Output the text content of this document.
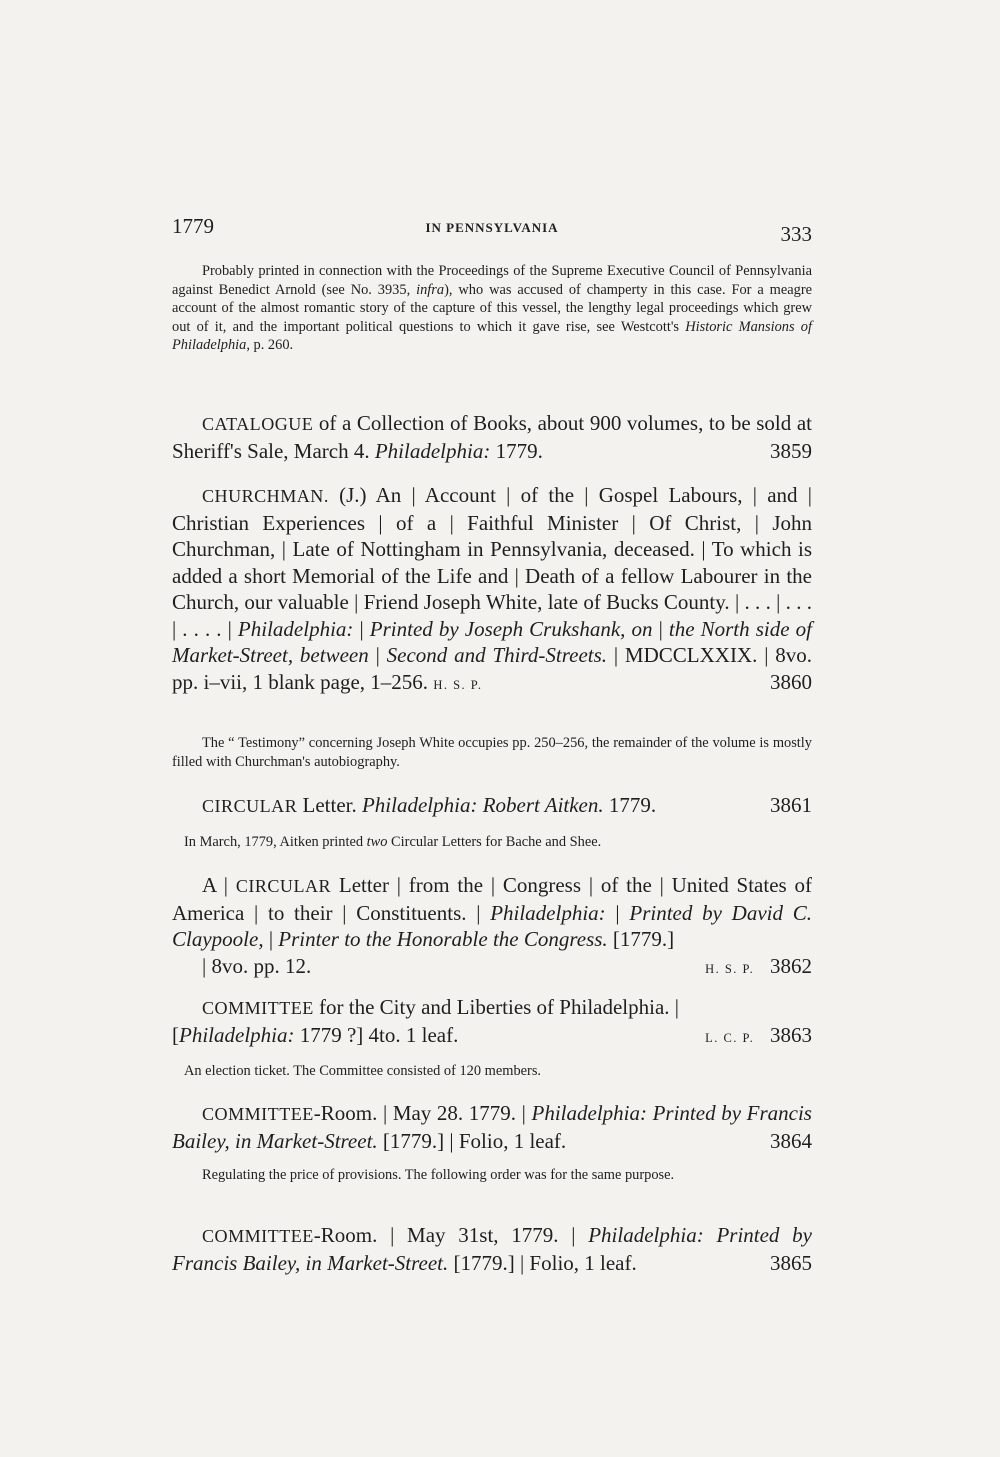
1779	IN PENNSYLVANIA	333
Probably printed in connection with the Proceedings of the Supreme Executive Council of Pennsylvania against Benedict Arnold (see No. 3935, infra), who was accused of champerty in this case. For a meagre account of the almost romantic story of the capture of this vessel, the lengthy legal proceedings which grew out of it, and the important political questions to which it gave rise, see Westcott's Historic Mansions of Philadelphia, p. 260.
CATALOGUE of a Collection of Books, about 900 volumes, to be sold at Sheriff's Sale, March 4. Philadelphia: 1779.	3859
CHURCHMAN. (J.) An | Account | of the | Gospel Labours, | and | Christian Experiences | of a | Faithful Minister | Of Christ, | John Churchman, | Late of Nottingham in Pennsylvania, deceased. | To which is added a short Memorial of the Life and | Death of a fellow Labourer in the Church, our valuable | Friend Joseph White, late of Bucks County. | . . . | . . . | . . . . | Philadelphia: | Printed by Joseph Crukshank, on | the North side of Market-Street, between | Second and Third-Streets. | MDCCLXXIX. | 8vo. pp. i–vii, 1 blank page, 1–256. H. S. P.	3860
The “ Testimony” concerning Joseph White occupies pp. 250–256, the remainder of the volume is mostly filled with Churchman's autobiography.
CIRCULAR Letter. Philadelphia: Robert Aitken. 1779.	3861
In March, 1779, Aitken printed two Circular Letters for Bache and Shee.
A | CIRCULAR Letter | from the | Congress | of the | United States of America | to their | Constituents. | Philadelphia: | Printed by David C. Claypoole, | Printer to the Honorable the Congress. [1779.]
| 8vo. pp. 12.	H. S. P. 3862
COMMITTEE for the City and Liberties of Philadelphia. |
[Philadelphia: 1779 ?] 4to. 1 leaf.	L. C. P. 3863
An election ticket. The Committee consisted of 120 members.
COMMITTEE-Room. | May 28. 1779. | Philadelphia: Printed by Francis Bailey, in Market-Street. [1779.] | Folio, 1 leaf.	3864
Regulating the price of provisions. The following order was for the same purpose.
COMMITTEE-Room. | May 31st, 1779. | Philadelphia: Printed by Francis Bailey, in Market-Street. [1779.] | Folio, 1 leaf.	3865
